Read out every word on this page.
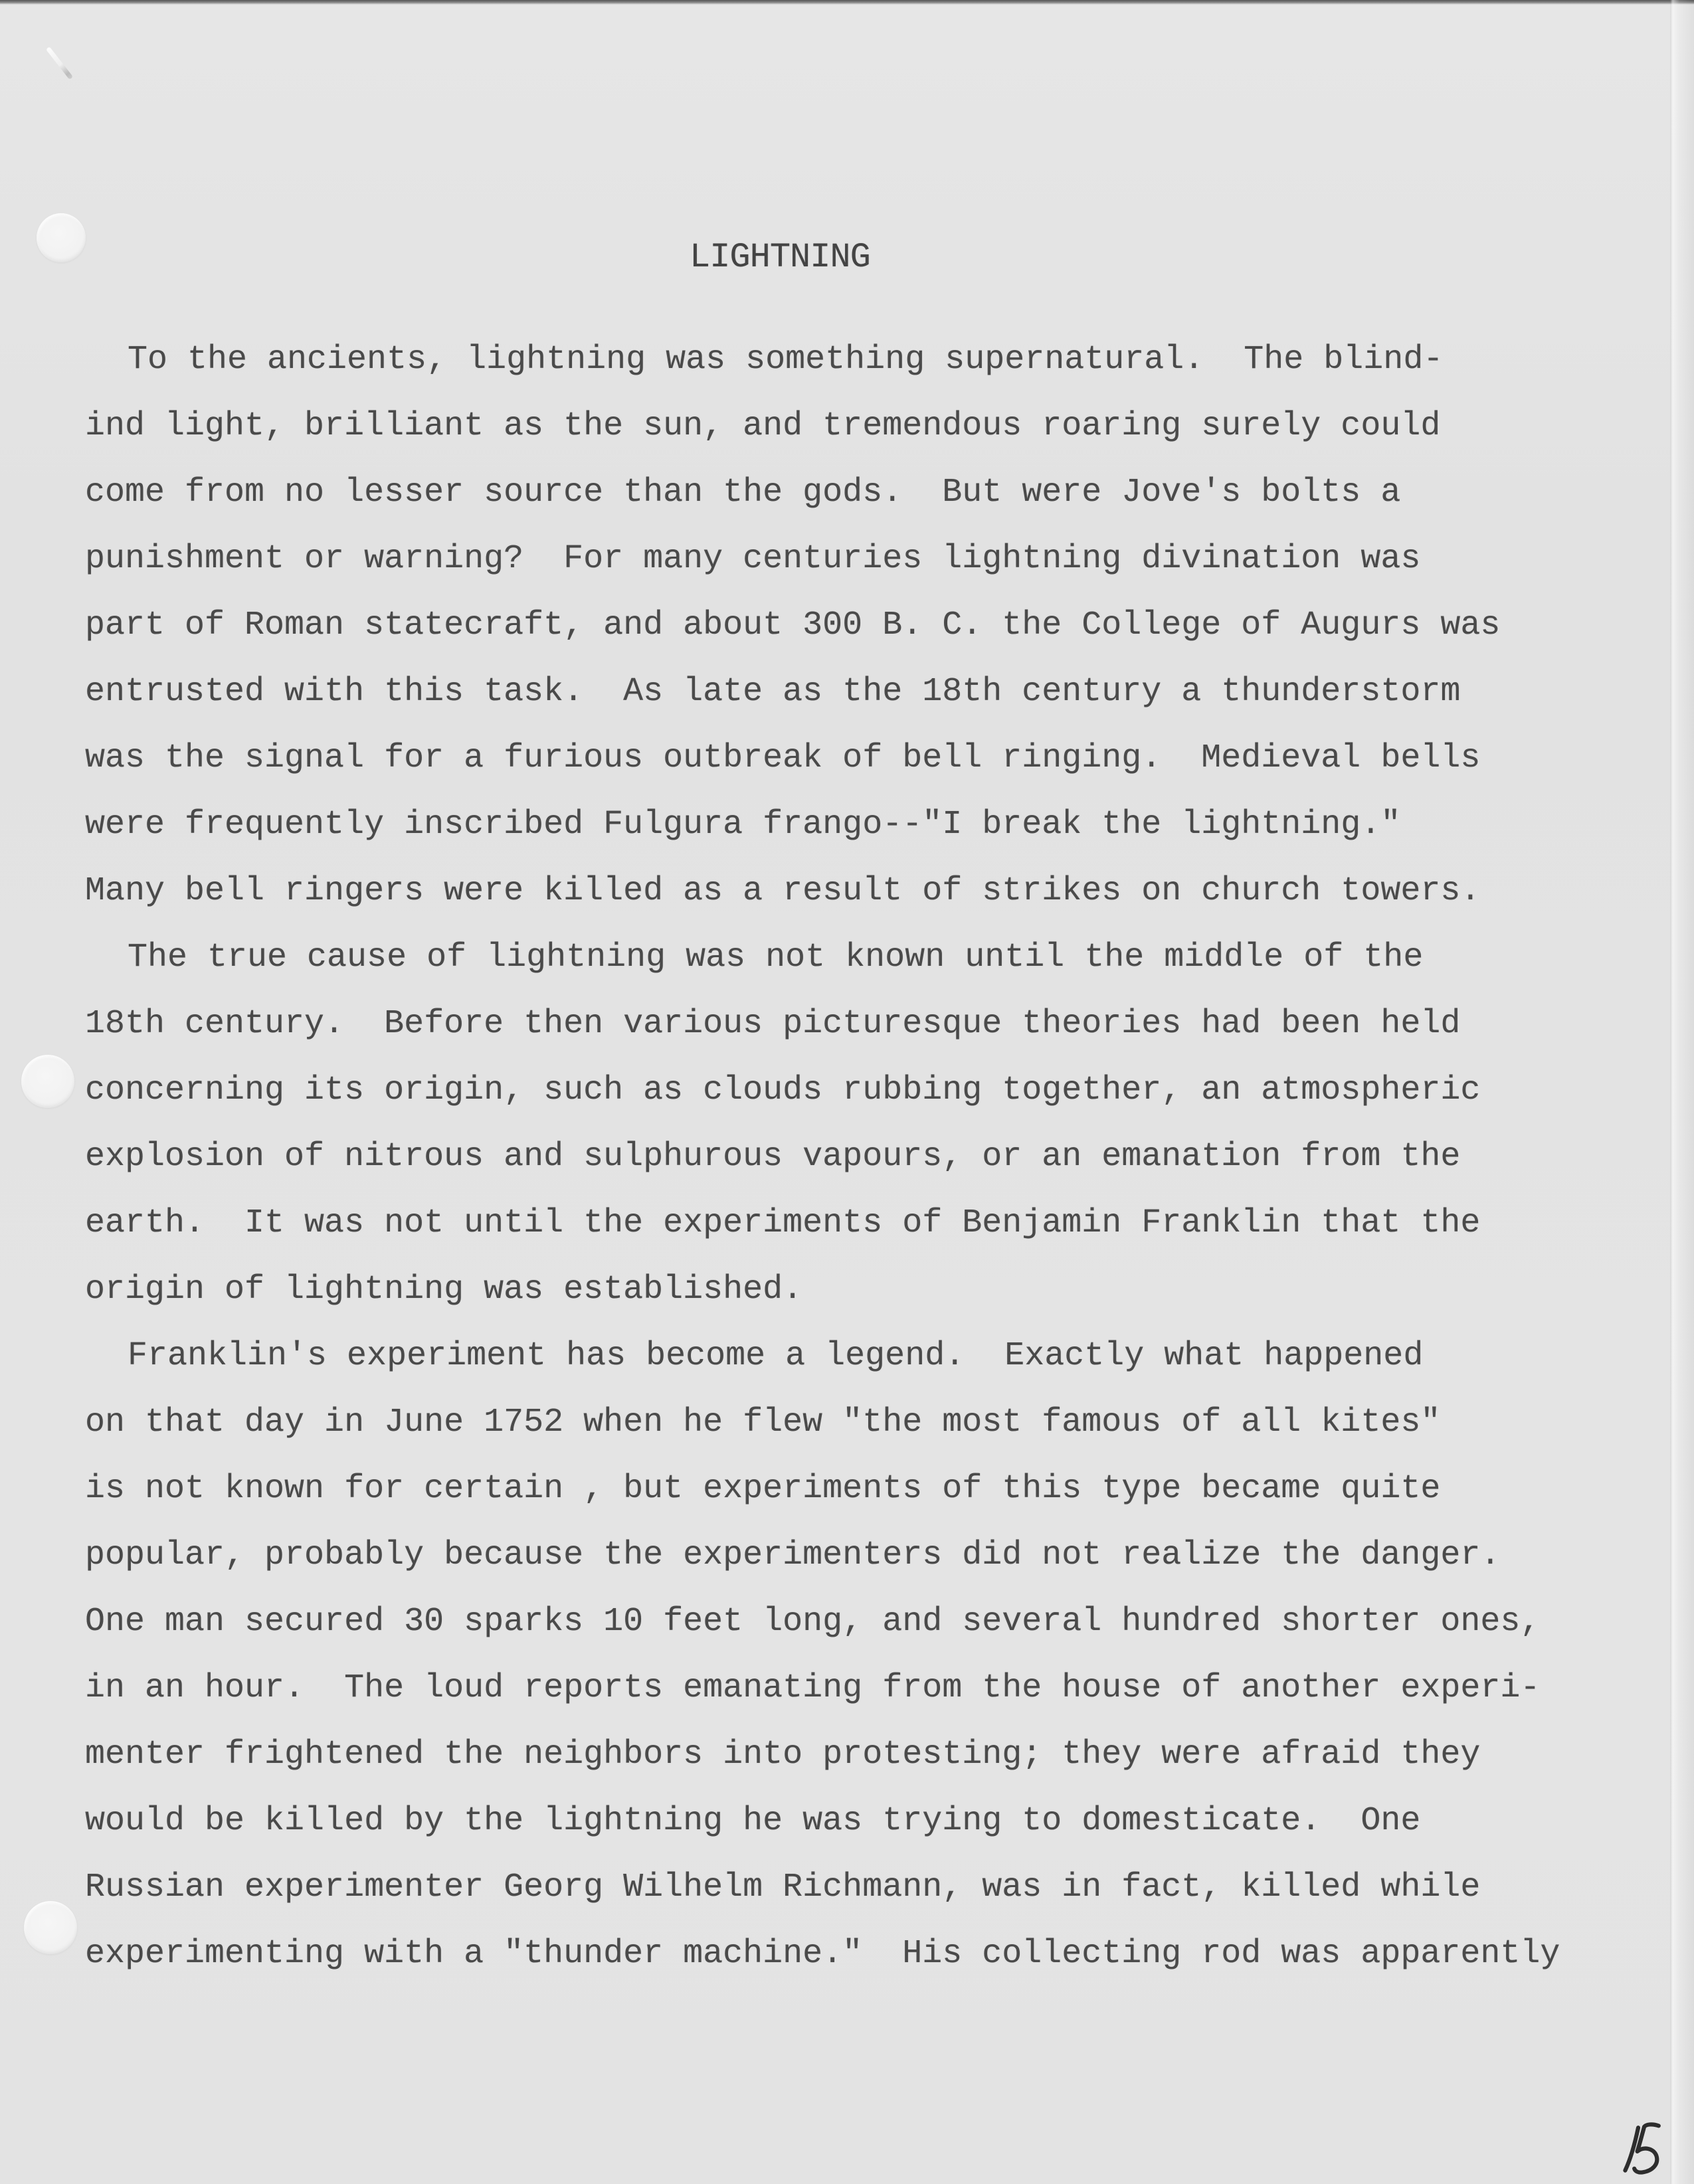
LIGHTNING
To the ancients, lightning was something supernatural.  The blind-
ind light, brilliant as the sun, and tremendous roaring surely could
come from no lesser source than the gods.  But were Jove's bolts a
punishment or warning?  For many centuries lightning divination was
part of Roman statecraft, and about 300 B. C. the College of Augurs was
entrusted with this task.  As late as the 18th century a thunderstorm
was the signal for a furious outbreak of bell ringing.  Medieval bells
were frequently inscribed Fulgura frango--"I break the lightning."
Many bell ringers were killed as a result of strikes on church towers.
The true cause of lightning was not known until the middle of the
18th century.  Before then various picturesque theories had been held
concerning its origin, such as clouds rubbing together, an atmospheric
explosion of nitrous and sulphurous vapours, or an emanation from the
earth.  It was not until the experiments of Benjamin Franklin that the
origin of lightning was established.
Franklin's experiment has become a legend.  Exactly what happened
on that day in June 1752 when he flew "the most famous of all kites"
is not known for certain , but experiments of this type became quite
popular, probably because the experimenters did not realize the danger.
One man secured 30 sparks 10 feet long, and several hundred shorter ones,
in an hour.  The loud reports emanating from the house of another experi-
menter frightened the neighbors into protesting; they were afraid they
would be killed by the lightning he was trying to domesticate.  One
Russian experimenter Georg Wilhelm Richmann, was in fact, killed while
experimenting with a "thunder machine."  His collecting rod was apparently
